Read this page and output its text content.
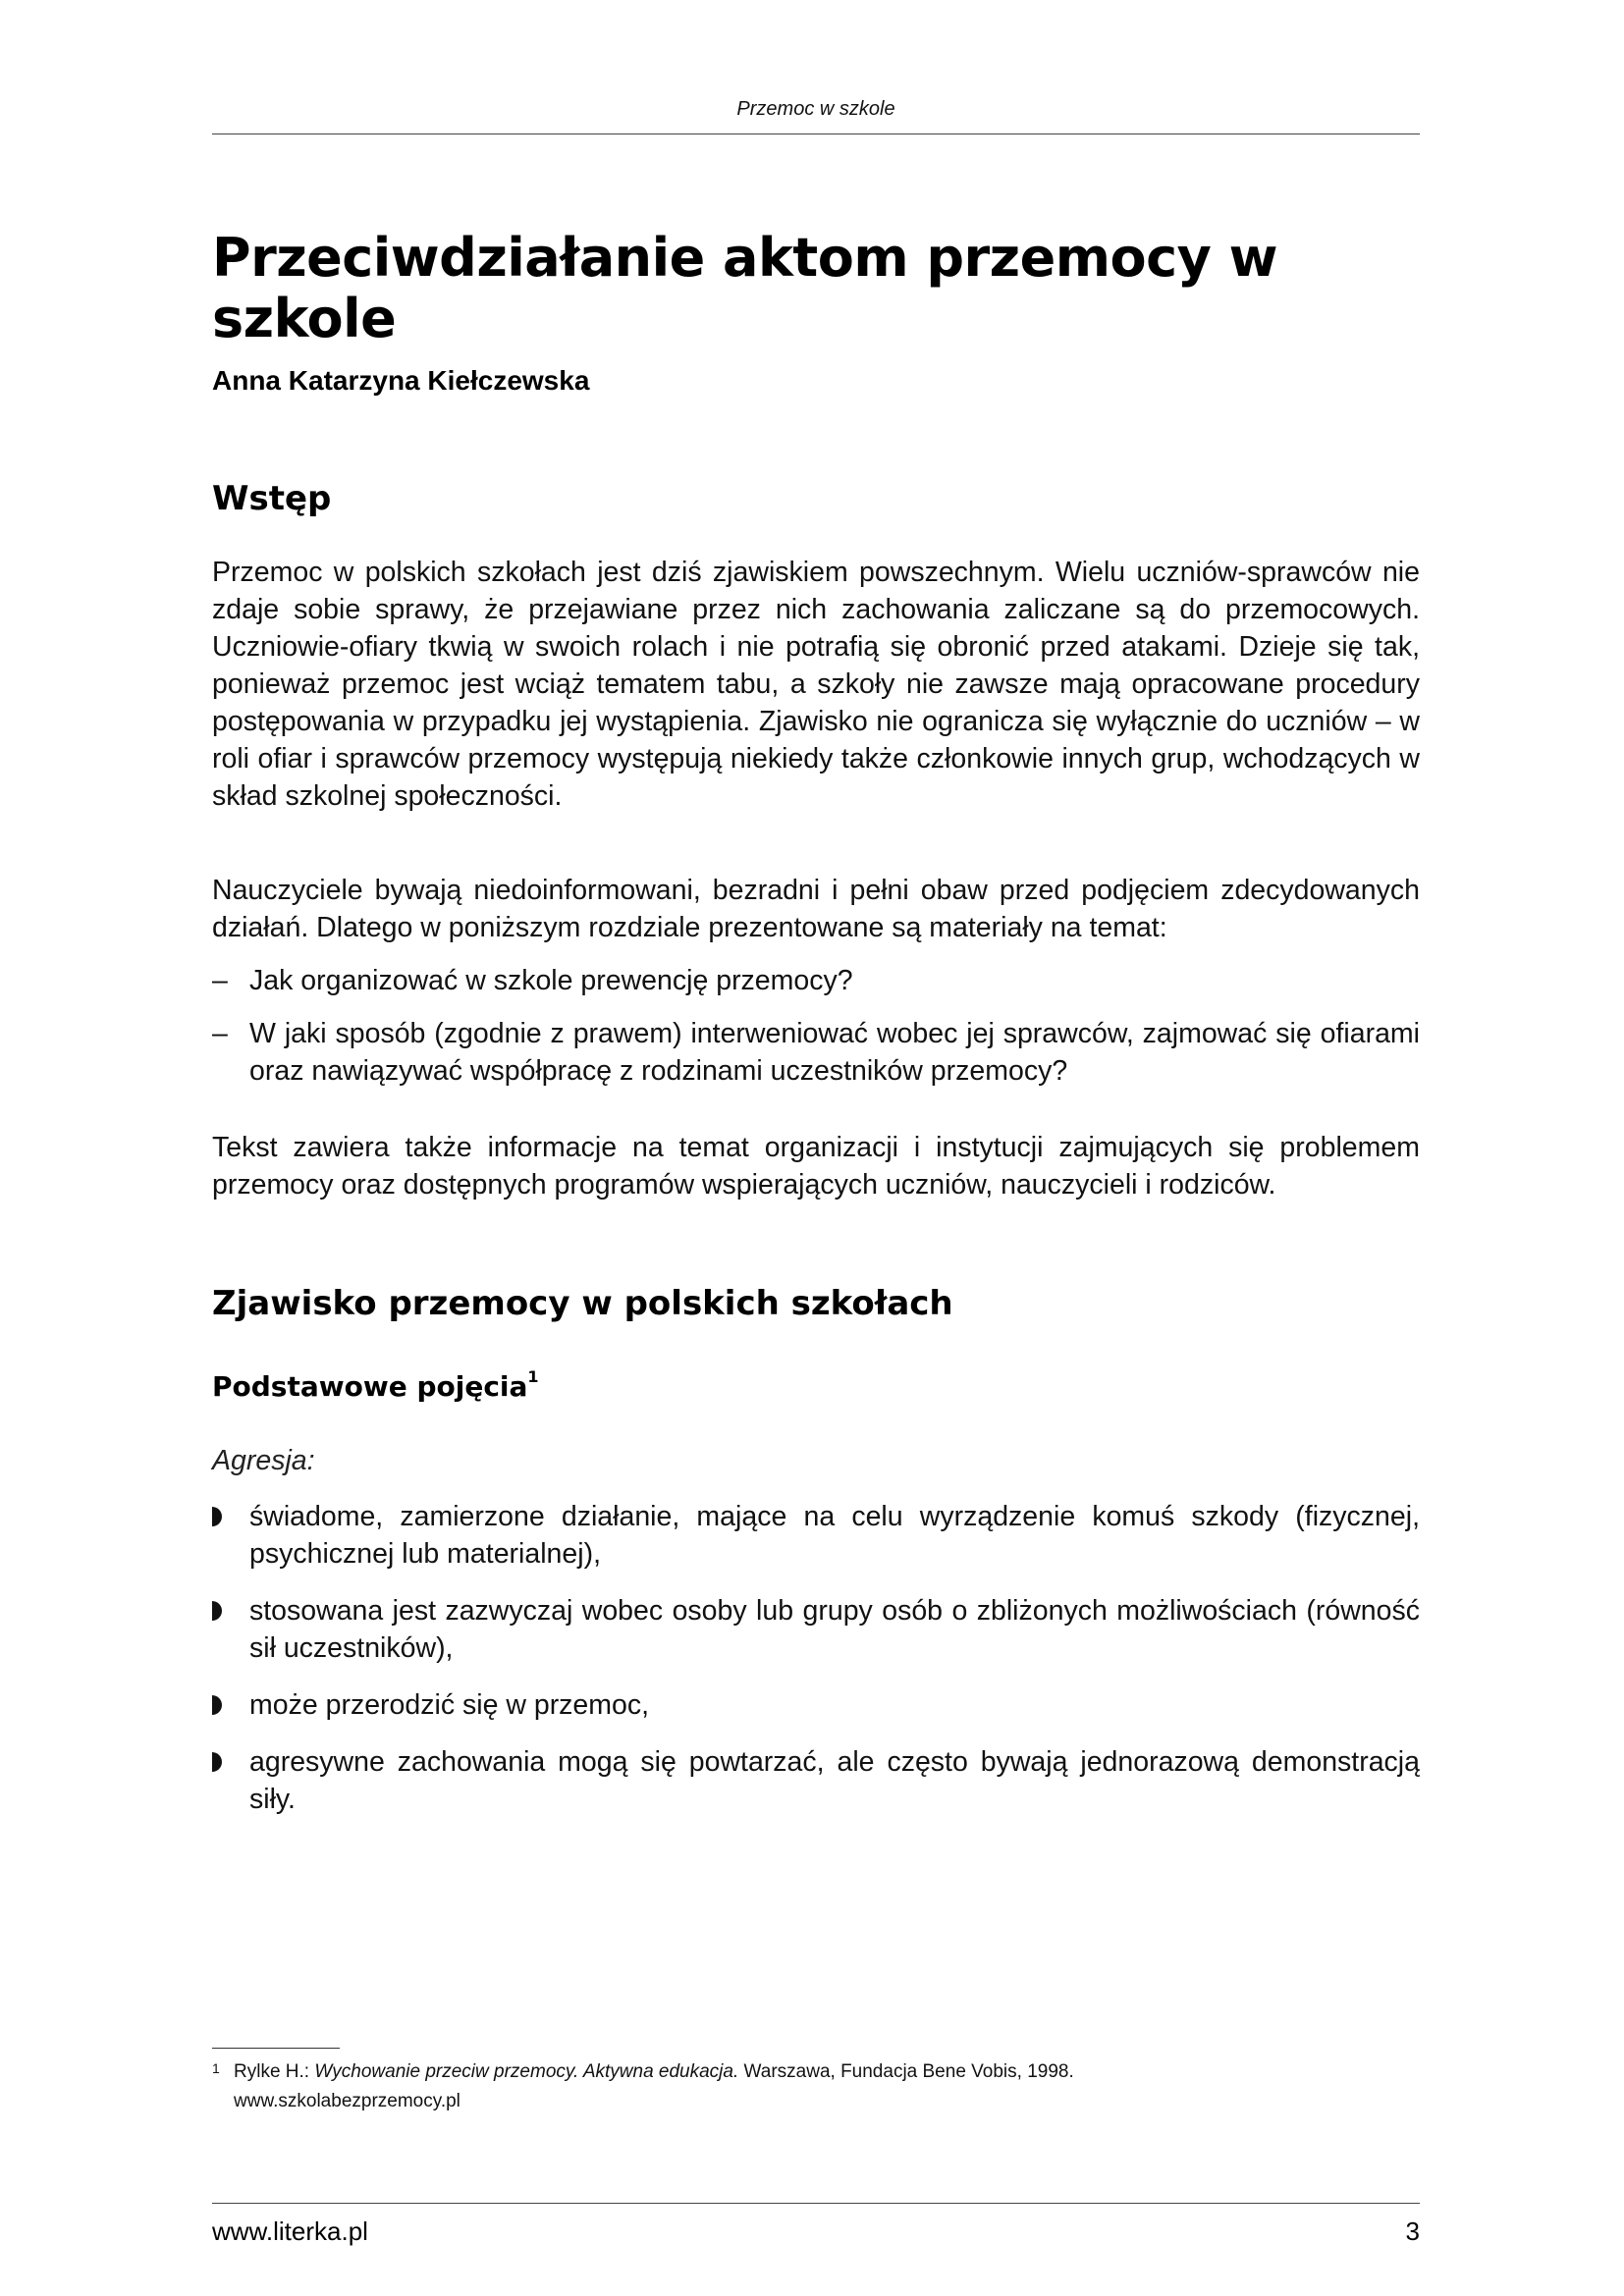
Przemoc w szkole
Przeciwdziałanie aktom przemocy w szkole

Anna Katarzyna Kiełczewska

Wstęp

Przemoc w polskich szkołach jest dziś zjawiskiem powszechnym. Wielu uczniów-sprawców nie zdaje sobie sprawy, że przejawiane przez nich zachowania zaliczane są do przemocowych. Uczniowie-ofiary tkwią w swoich rolach i nie potrafią się obronić przed atakami. Dzieje się tak, ponieważ przemoc jest wciąż tematem tabu, a szkoły nie zawsze mają opracowane procedury postępowania w przypadku jej wystąpienia. Zjawisko nie ogranicza się wyłącznie do uczniów – w roli ofiar i sprawców przemocy występują niekiedy także członkowie innych grup, wchodzących w skład szkolnej społeczności.

Nauczyciele bywają niedoinformowani, bezradni i pełni obaw przed podjęciem zdecydowanych działań. Dlatego w poniższym rozdziale prezentowane są materiały na temat:

– Jak organizować w szkole prewencję przemocy?
– W jaki sposób (zgodnie z prawem) interweniować wobec jej sprawców, zajmować się ofiarami oraz nawiązywać współpracę z rodzinami uczestników przemocy?

Tekst zawiera także informacje na temat organizacji i instytucji zajmujących się problemem przemocy oraz dostępnych programów wspierających uczniów, nauczycieli i rodziców.

Zjawisko przemocy w polskich szkołach
Podstawowe pojęcia$^1$

Agresja:

świadome, zamierzone działanie, mające na celu wyrządzenie komuś szkody (fizycznej, psychicznej lub materialnej),
stosowana jest zazwyczaj wobec osoby lub grupy osób o zbliżonych możliwościach (równość sił uczestników),
może przerodzić się w przemoc,
agresywne zachowania mogą się powtarzać, ale często bywają jednorazową demonstracją siły.

1 Rylke H.: Wychowanie przeciw przemocy. Aktywna edukacja. Warszawa, Fundacja Bene Vobis, 1998.
www.szkolabezprzemocy.pl

www.literka.pl	3
